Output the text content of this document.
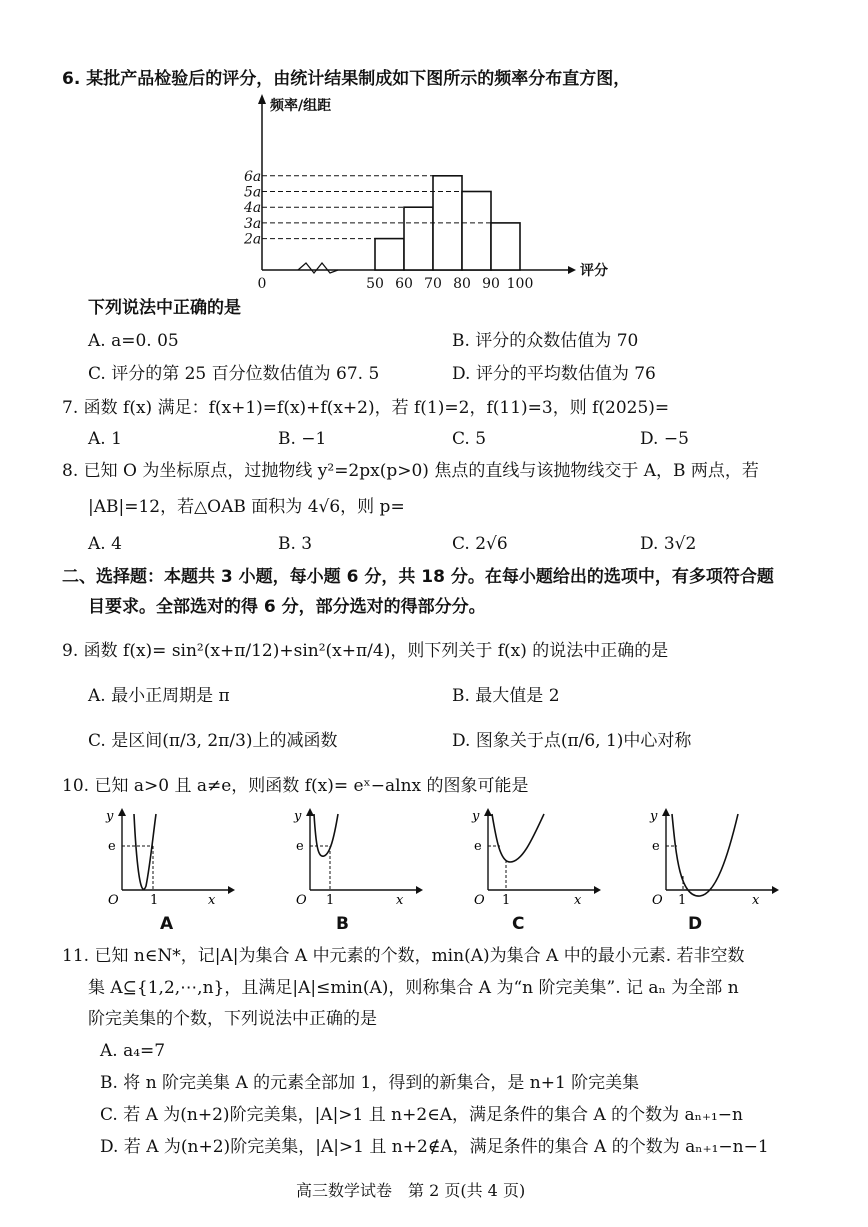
6. 某批产品检验后的评分，由统计结果制成如下图所示的频率分布直方图，
2a
3a
4a
5a
6a
50 60 70 80 90 100
0
频率/组距
评分
下列说法中正确的是
A. a=0. 05	B. 评分的众数估值为 70
C. 评分的第 25 百分位数估值为 67. 5	D. 评分的平均数估值为 76
7. 函数 f(x) 满足：f(x+1)=f(x)+f(x+2)，若 f(1)=2，f(11)=3，则 f(2025)=
A. 1	B. −1	C. 5	D. −5
8. 已知 O 为坐标原点，过抛物线 y²=2px(p>0) 焦点的直线与该抛物线交于 A，B 两点，若
|AB|=12，若△OAB 面积为 4√6，则 p=
A. 4	B. 3	C. 2√6	D. 3√2
二、选择题：本题共 3 小题，每小题 6 分，共 18 分。在每小题给出的选项中，有多项符合题
目要求。全部选对的得 6 分，部分选对的得部分分。
9. 函数 f(x)= sin²(x+π/12)+sin²(x+π/4)，则下列关于 f(x) 的说法中正确的是
A. 最小正周期是 π	B. 最大值是 2
C. 是区间(π/3, 2π/3)上的减函数	D. 图象关于点(π/6, 1)中心对称
10. 已知 a>0 且 a≠e，则函数 f(x)= eˣ−alnx 的图象可能是
y
e
O 1	x
A
y
e
O 1	x
B
y
e
O 1	x
C
y
e
O 1	x
D
11. 已知 n∈N*，记|A|为集合 A 中元素的个数，min(A)为集合 A 中的最小元素. 若非空数
集 A⊆{1,2,⋯,n}，且满足|A|≤min(A)，则称集合 A 为“n 阶完美集”. 记 aₙ 为全部 n
阶完美集的个数，下列说法中正确的是
A. a₄=7
B. 将 n 阶完美集 A 的元素全部加 1，得到的新集合，是 n+1 阶完美集
C. 若 A 为(n+2)阶完美集，|A|>1 且 n+2∈A，满足条件的集合 A 的个数为 aₙ₊₁−n
D. 若 A 为(n+2)阶完美集，|A|>1 且 n+2∉A，满足条件的集合 A 的个数为 aₙ₊₁−n−1
高三数学试卷　第 2 页(共 4 页)
